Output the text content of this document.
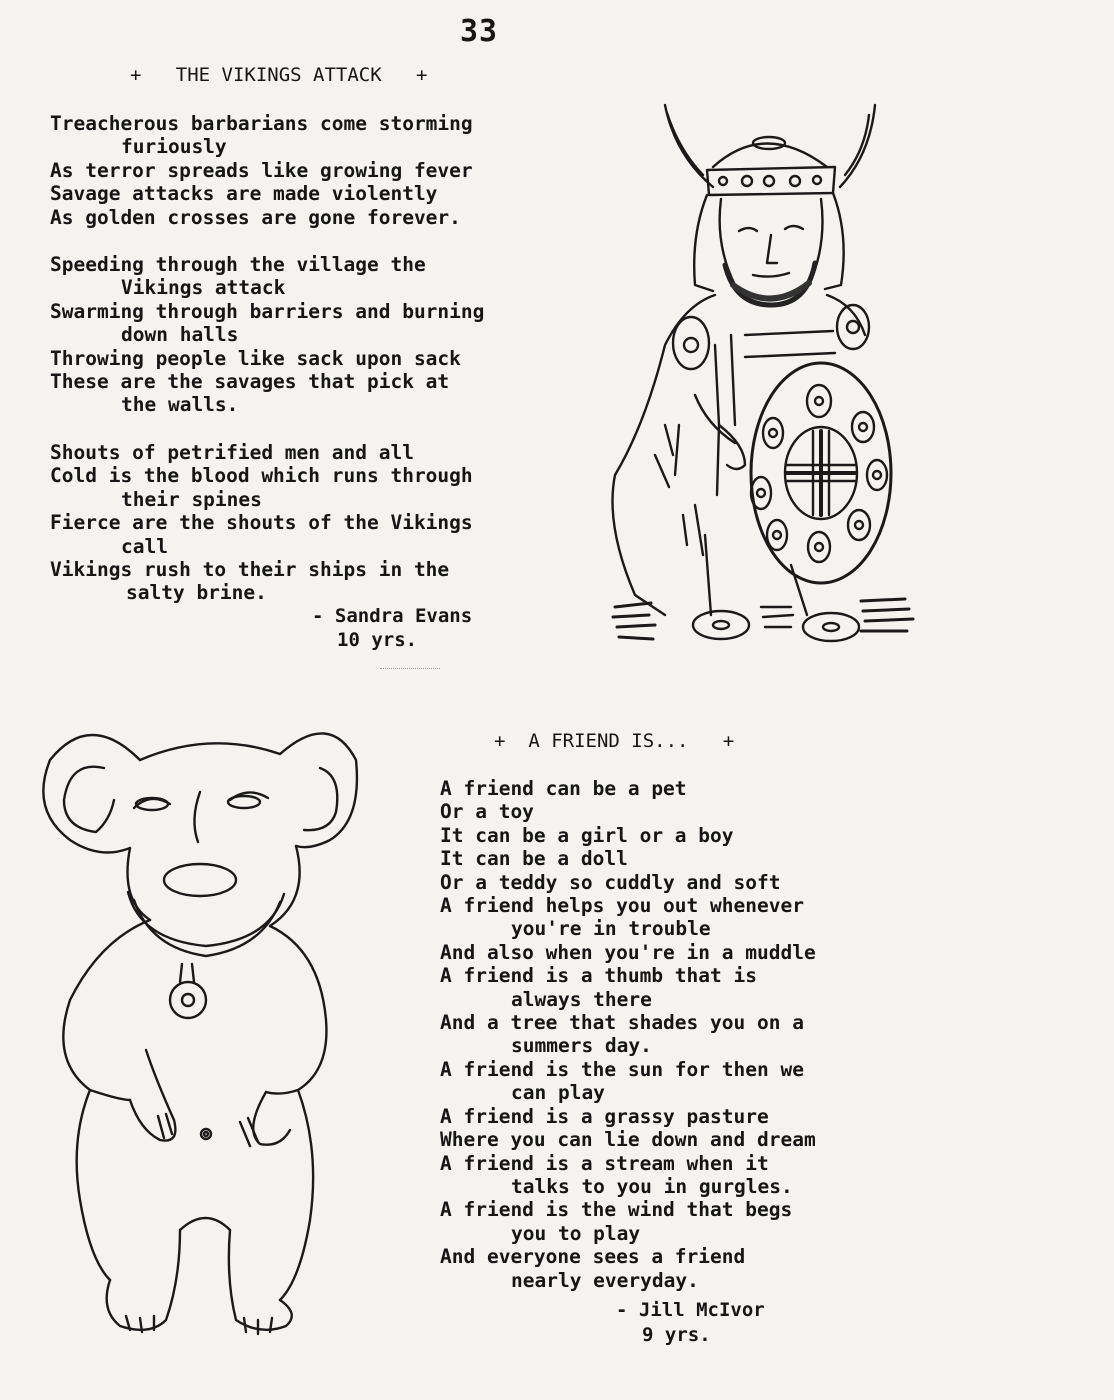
33
+   THE VIKINGS ATTACK   +
Treacherous barbarians come storming
furiously
As terror spreads like growing fever
Savage attacks are made violently
As golden crosses are gone forever.
Speeding through the village the
Vikings attack
Swarming through barriers and burning
down halls
Throwing people like sack upon sack
These are the savages that pick at
the walls.
Shouts of petrified men and all
Cold is the blood which runs through
their spines
Fierce are the shouts of the Vikings
call
Vikings rush to their ships in the
salty brine.
- Sandra Evans
10 yrs.
+  A FRIEND IS...   +
A friend can be a pet
Or a toy
It can be a girl or a boy
It can be a doll
Or a teddy so cuddly and soft
A friend helps you out whenever
you're in trouble
And also when you're in a muddle
A friend is a thumb that is
always there
And a tree that shades you on a
summers day.
A friend is the sun for then we
can play
A friend is a grassy pasture
Where you can lie down and dream
A friend is a stream when it
talks to you in gurgles.
A friend is the wind that begs
you to play
And everyone sees a friend
nearly everyday.
- Jill McIvor
9 yrs.
